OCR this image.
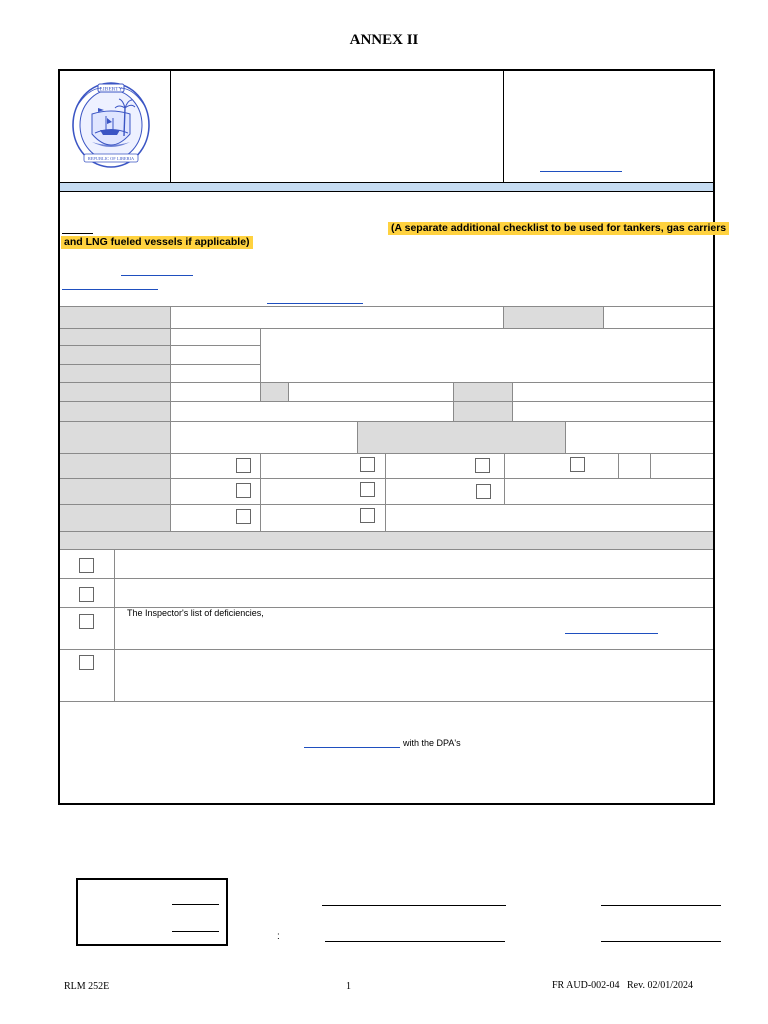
ANNEX II
LIBERTY
REPUBLIC OF LIBERIA
(A separate additional checklist to be used for tankers, gas carriers
and LNG fueled vessels if applicable)
The Inspector's list of deficiencies,
with the DPA's
:
RLM 252E	1	FR AUD-002-04   Rev. 02/01/2024
